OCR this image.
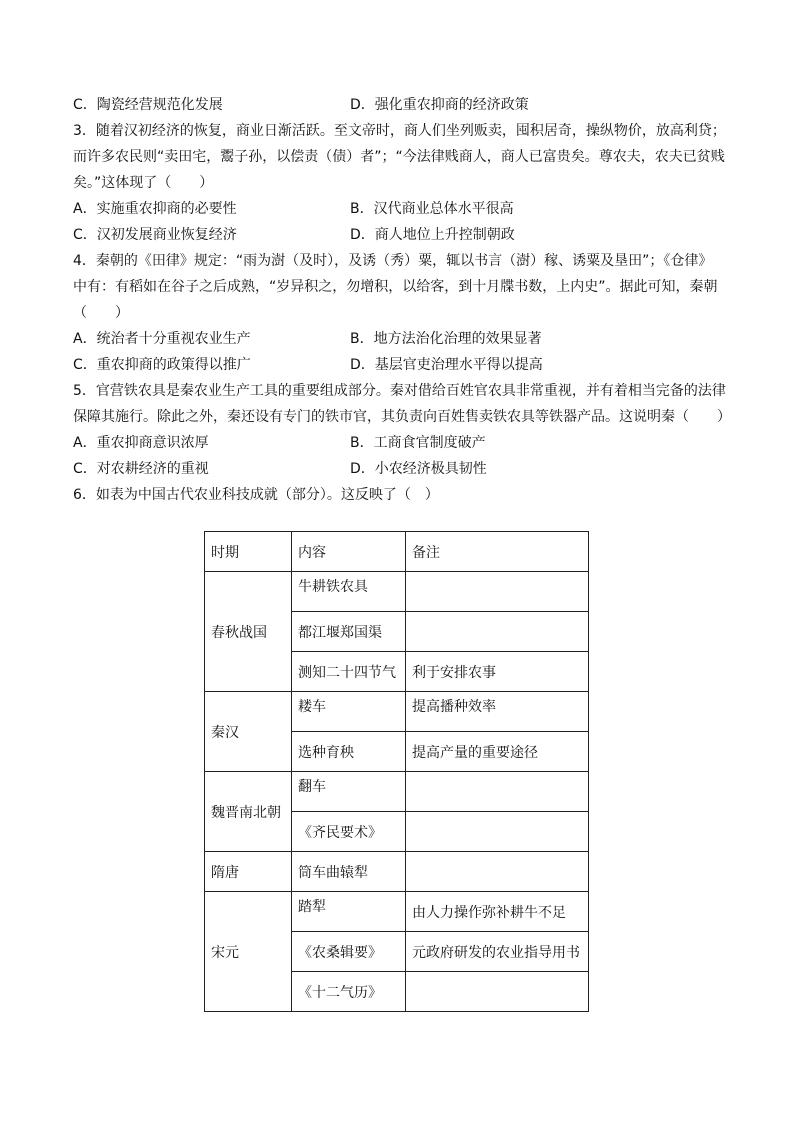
C．陶瓷经营规范化发展	D．强化重农抑商的经济政策
3．随着汉初经济的恢复，商业日渐活跃。至文帝时，商人们坐列贩卖，囤积居奇，操纵物价，放高利贷；
而许多农民则“卖田宅，鬻子孙，以偿责（债）者”；“今法律贱商人，商人已富贵矣。尊农夫，农夫已贫贱
矣。”这体现了（　　）
A．实施重农抑商的必要性	B．汉代商业总体水平很高
C．汉初发展商业恢复经济	D．商人地位上升控制朝政
4．秦朝的《田律》规定：“雨为澍（及时），及诱（秀）粟，辄以书言（澍）稼、诱粟及垦田”；《仓律》
中有：有稻如在谷子之后成熟，“岁异积之，勿增积，以给客，到十月牒书数，上内史”。据此可知，秦朝
（　　）
A．统治者十分重视农业生产	B．地方法治化治理的效果显著
C．重农抑商的政策得以推广	D．基层官吏治理水平得以提高
5．官营铁农具是秦农业生产工具的重要组成部分。秦对借给百姓官农具非常重视，并有着相当完备的法律
保障其施行。除此之外，秦还设有专门的铁市官，其负责向百姓售卖铁农具等铁器产品。这说明秦（　　）
A．重农抑商意识浓厚	B．工商食官制度破产
C．对农耕经济的重视	D．小农经济极具韧性
6．如表为中国古代农业科技成就（部分）。这反映了（　）
时期	内容	备注
春秋战国	牛耕铁农具	
	都江堰郑国渠	
	测知二十四节气	利于安排农事
秦汉	耧车	提高播种效率
	选种育秧	提高产量的重要途径
魏晋南北朝	翻车	
	《齐民要术》	
隋唐	筒车曲辕犁	
宋元	踏犁	由人力操作弥补耕牛不足
	《农桑辑要》	元政府研发的农业指导用书
	《十二气历》	
